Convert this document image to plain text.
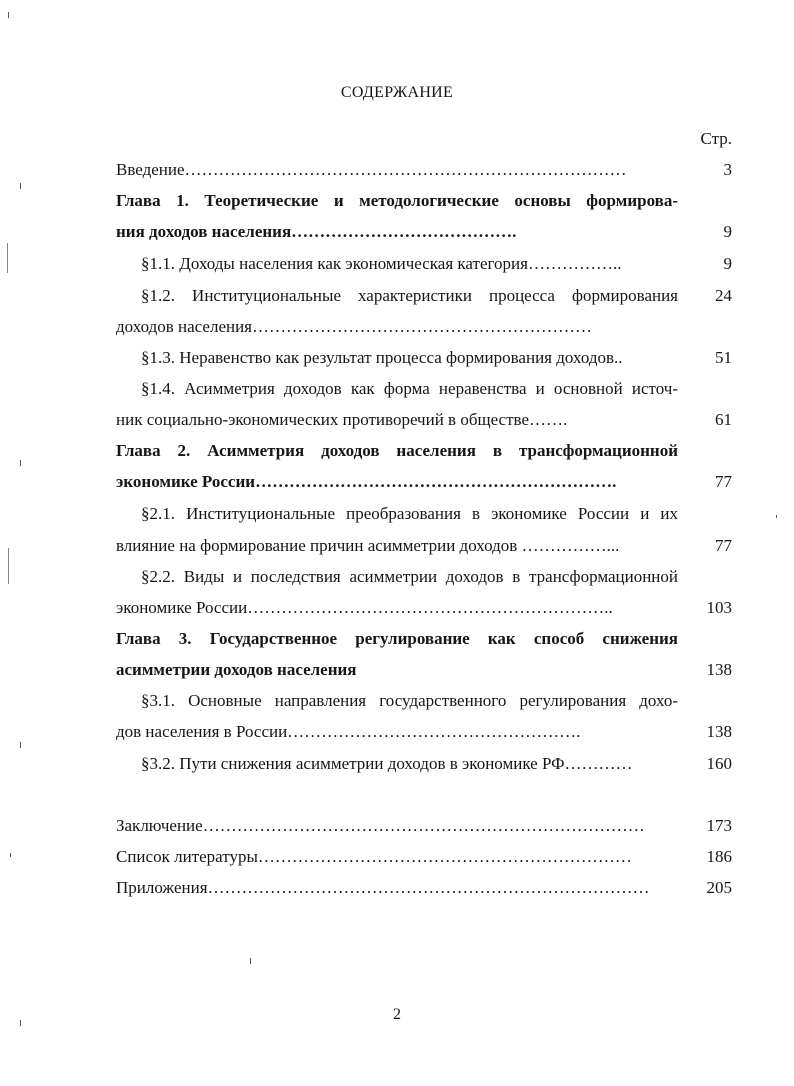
СОДЕРЖАНИЕ
Стр.
Введение……………………………………………………………………	3
Глава 1. Теоретические и методологические основы формирова-
ния доходов населения………………………………….	9
§1.1. Доходы населения как экономическая категория……………..	9
§1.2. Институциональные характеристики процесса формирования	24
доходов населения……………………………………………………
§1.3. Неравенство как результат процесса формирования доходов..	51
§1.4. Асимметрия доходов как форма неравенства и основной источ-
ник социально-экономических противоречий в обществе…….	61
Глава 2. Асимметрия доходов населения в трансформационной
экономике России……………………………………………………….	77
§2.1. Институциональные преобразования в экономике России и их
влияние на формирование причин асимметрии доходов ……………...	77
§2.2. Виды и последствия асимметрии доходов в трансформационной
экономике России………………………………………………………..	103
Глава 3. Государственное регулирование как способ снижения
асимметрии доходов населения	138
§3.1. Основные направления государственного регулирования дохо-
дов населения в России…………………………………………….	138
§3.2. Пути снижения асимметрии доходов в экономике РФ…………	160
Заключение……………………………………………………………………	173
Список литературы…………………………………………………………	186
Приложения……………………………………………………………………	205
2
